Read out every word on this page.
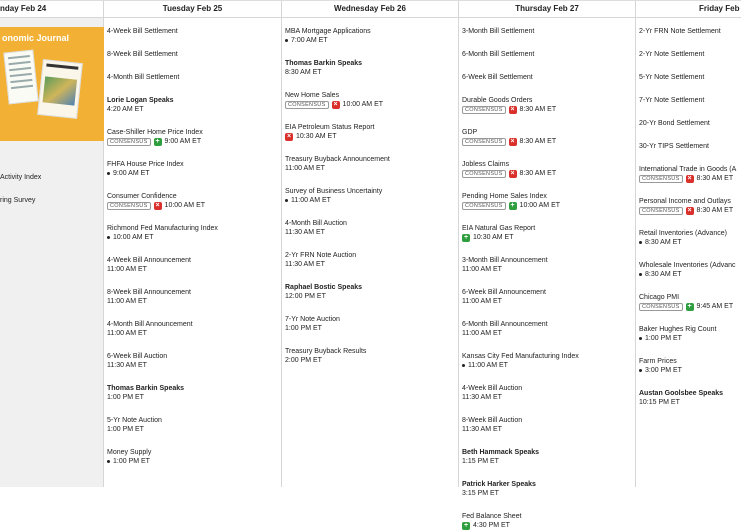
nday Feb 24
onomic Journal
Activity Index
ring Survey
Tuesday Feb 25
4-Week Bill Settlement
8-Week Bill Settlement
4-Month Bill Settlement
Lorie Logan Speaks
4:20 AM ET
Case-Shiller Home Price Index
CONSENSUS	+ 9:00 AM ET
FHFA House Price Index
9:00 AM ET
Consumer Confidence
CONSENSUS	× 10:00 AM ET
Richmond Fed Manufacturing Index
10:00 AM ET
4-Week Bill Announcement
11:00 AM ET
8-Week Bill Announcement
11:00 AM ET
4-Month Bill Announcement
11:00 AM ET
6-Week Bill Auction
11:30 AM ET
Thomas Barkin Speaks
1:00 PM ET
5-Yr Note Auction
1:00 PM ET
Money Supply
1:00 PM ET
Wednesday Feb 26
MBA Mortgage Applications
7:00 AM ET
Thomas Barkin Speaks
8:30 AM ET
New Home Sales
CONSENSUS	× 10:00 AM ET
EIA Petroleum Status Report
× 10:30 AM ET
Treasury Buyback Announcement
11:00 AM ET
Survey of Business Uncertainty
11:00 AM ET
4-Month Bill Auction
11:30 AM ET
2-Yr FRN Note Auction
11:30 AM ET
Raphael Bostic Speaks
12:00 PM ET
7-Yr Note Auction
1:00 PM ET
Treasury Buyback Results
2:00 PM ET
Thursday Feb 27
3-Month Bill Settlement
6-Month Bill Settlement
6-Week Bill Settlement
Durable Goods Orders
CONSENSUS	× 8:30 AM ET
GDP
CONSENSUS	× 8:30 AM ET
Jobless Claims
CONSENSUS	× 8:30 AM ET
Pending Home Sales Index
CONSENSUS	+ 10:00 AM ET
EIA Natural Gas Report
+ 10:30 AM ET
3-Month Bill Announcement
11:00 AM ET
6-Week Bill Announcement
11:00 AM ET
6-Month Bill Announcement
11:00 AM ET
Kansas City Fed Manufacturing Index
11:00 AM ET
4-Week Bill Auction
11:30 AM ET
8-Week Bill Auction
11:30 AM ET
Beth Hammack Speaks
1:15 PM ET
Patrick Harker Speaks
3:15 PM ET
Fed Balance Sheet
+ 4:30 PM ET
Friday Feb
2-Yr FRN Note Settlement
2-Yr Note Settlement
5-Yr Note Settlement
7-Yr Note Settlement
20-Yr Bond Settlement
30-Yr TIPS Settlement
International Trade in Goods (A
CONSENSUS	× 8:30 AM ET
Personal Income and Outlays
CONSENSUS	× 8:30 AM ET
Retail Inventories (Advance)
8:30 AM ET
Wholesale Inventories (Advanc
8:30 AM ET
Chicago PMI
CONSENSUS	+ 9:45 AM ET
Baker Hughes Rig Count
1:00 PM ET
Farm Prices
3:00 PM ET
Austan Goolsbee Speaks
10:15 PM ET
